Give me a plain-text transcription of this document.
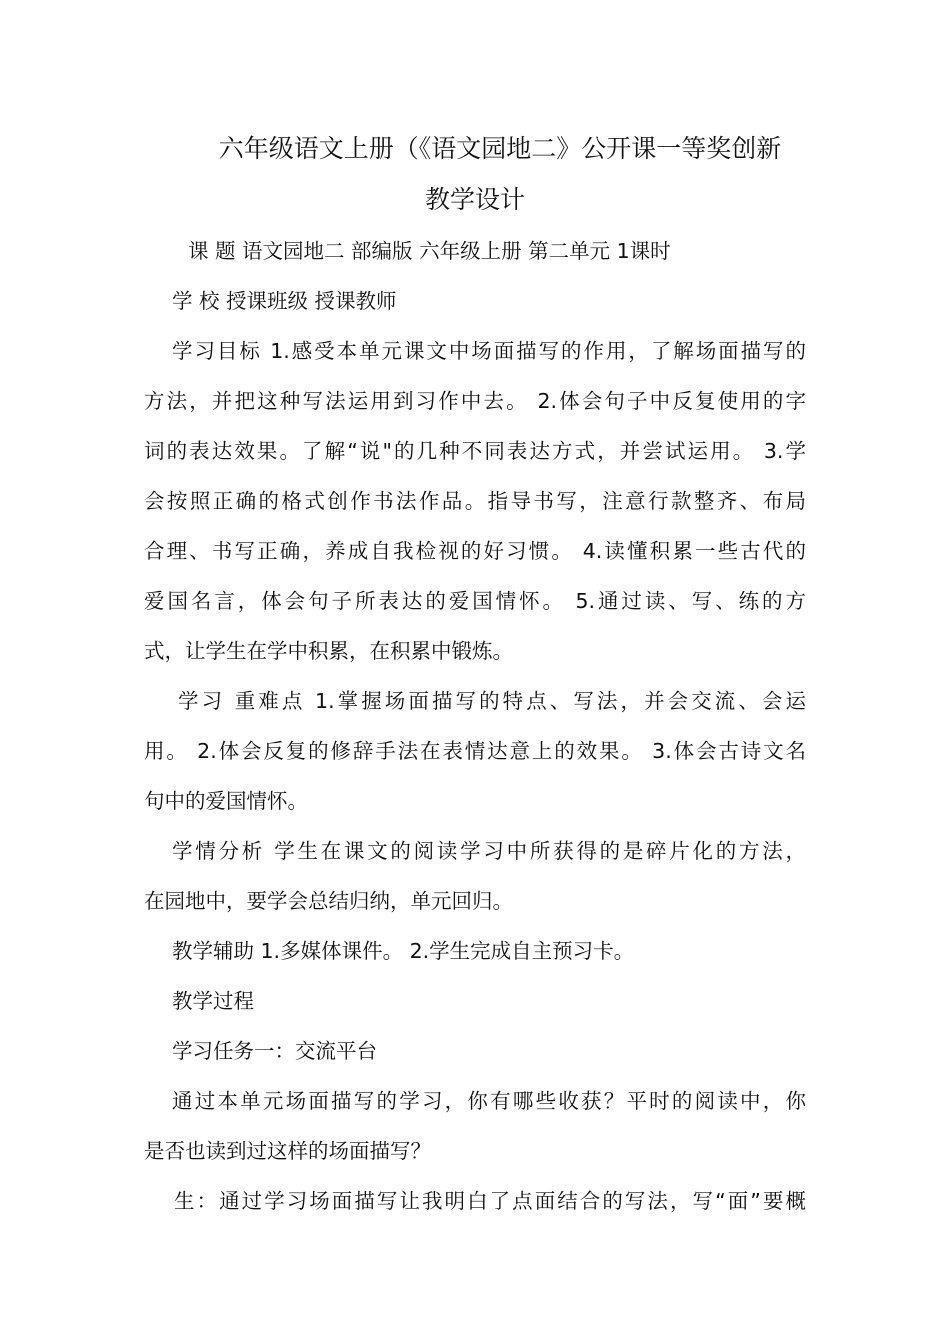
六年级语文上册（《语文园地二》公开课一等奖创新
教学设计
课 题 语文园地二 部编版 六年级上册 第二单元 1课时
学 校 授课班级 授课教师
学习目标 1.感受本单元课文中场面描写的作用，了解场面描写的
方法，并把这种写法运用到习作中去。 2.体会句子中反复使用的字
词的表达效果。了解“说"的几种不同表达方式，并尝试运用。 3.学
会按照正确的格式创作书法作品。指导书写，注意行款整齐、布局
合理、书写正确，养成自我检视的好习惯。 4.读懂积累一些古代的
爱国名言，体会句子所表达的爱国情怀。 5.通过读、写、练的方
式，让学生在学中积累，在积累中锻炼。
学习 重难点 1.掌握场面描写的特点、写法，并会交流、会运
用。 2.体会反复的修辞手法在表情达意上的效果。 3.体会古诗文名
句中的爱国情怀。
学情分析 学生在课文的阅读学习中所获得的是碎片化的方法，
在园地中，要学会总结归纳，单元回归。
教学辅助 1.多媒体课件。 2.学生完成自主预习卡。
教学过程
学习任务一：交流平台
通过本单元场面描写的学习，你有哪些收获？平时的阅读中，你
是否也读到过这样的场面描写？
生：通过学习场面描写让我明白了点面结合的写法，写“面”要概
